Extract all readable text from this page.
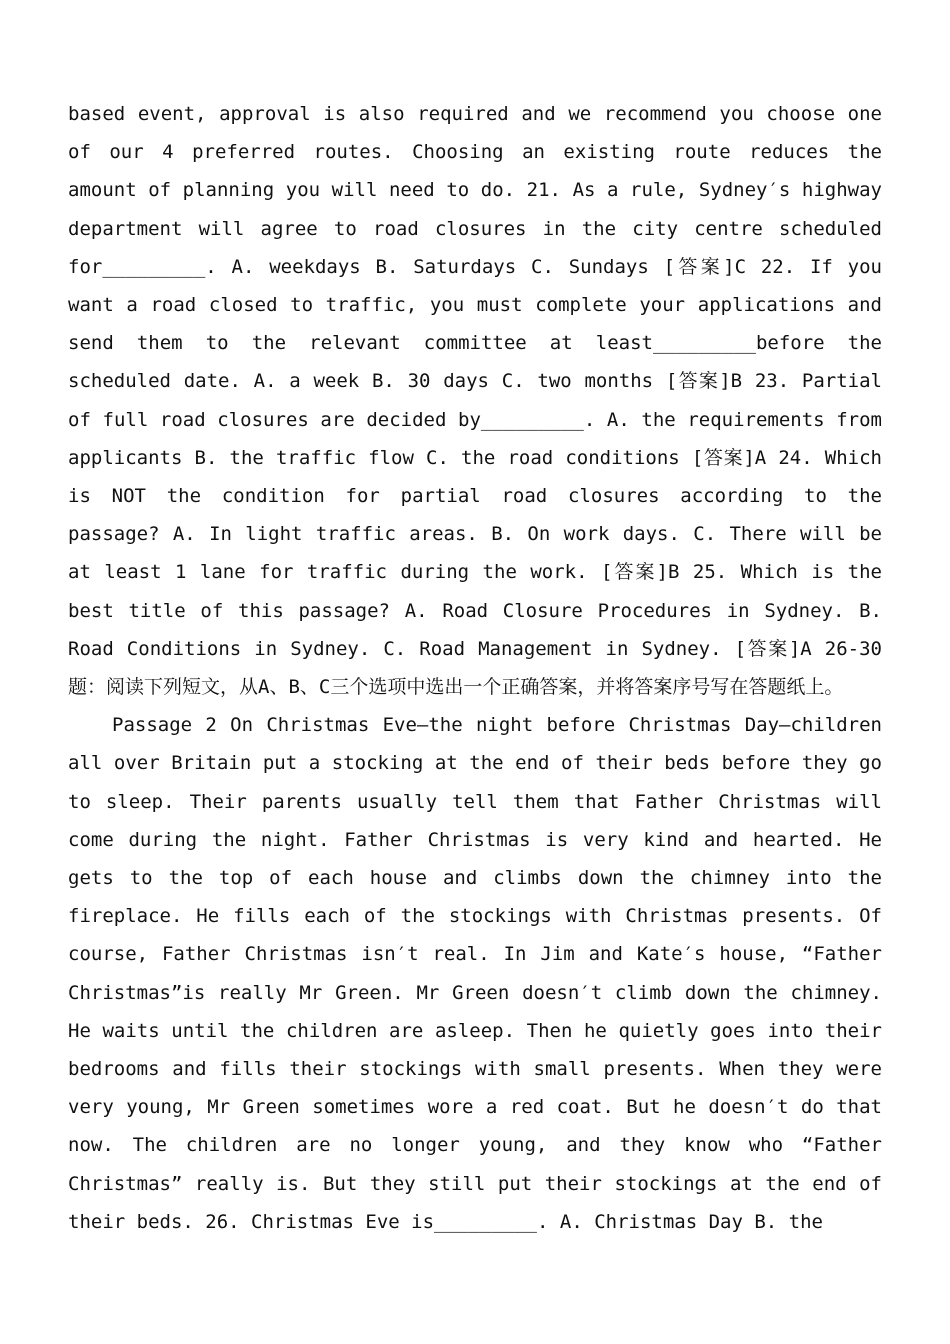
based event, approval is also required and we recommend you choose one of our 4 preferred routes. Choosing an existing route reduces the amount of planning you will need to do. 21. As a rule, Sydney′s highway department will agree to road closures in the city centre scheduled for_________. A. weekdays B. Saturdays C. Sundays [答案]C 22. If you want a road closed to traffic, you must complete your applications and send them to the relevant committee at least_________before the scheduled date. A. a week B. 30 days C. two months [答案]B 23. Partial of full road closures are decided by_________. A. the requirements from applicants B. the traffic flow C. the road conditions [答案]A 24. Which is NOT the condition for partial road closures according to the passage? A. In light traffic areas. B. On work days. C. There will be at least 1 lane for traffic during the work. [答案]B 25. Which is the best title of this passage? A. Road Closure Procedures in Sydney. B. Road Conditions in Sydney. C. Road Management in Sydney. [答案]A 26-30题：阅读下列短文，从A、B、C三个选项中选出一个正确答案，并将答案序号写在答题纸上。

Passage 2 On Christmas Eve—the night before Christmas Day—children all over Britain put a stocking at the end of their beds before they go to sleep. Their parents usually tell them that Father Christmas will come during the night. Father Christmas is very kind and hearted. He gets to the top of each house and climbs down the chimney into the fireplace. He fills each of the stockings with Christmas presents. Of course, Father Christmas isn′t real. In Jim and Kate′s house, “Father Christmas”is really Mr Green. Mr Green doesn′t climb down the chimney. He waits until the children are asleep. Then he quietly goes into their bedrooms and fills their stockings with small presents. When they were very young, Mr Green sometimes wore a red coat. But he doesn′t do that now. The children are no longer young, and they know who “Father Christmas” really is. But they still put their stockings at the end of their beds. 26. Christmas Eve is_________. A. Christmas Day B. the
